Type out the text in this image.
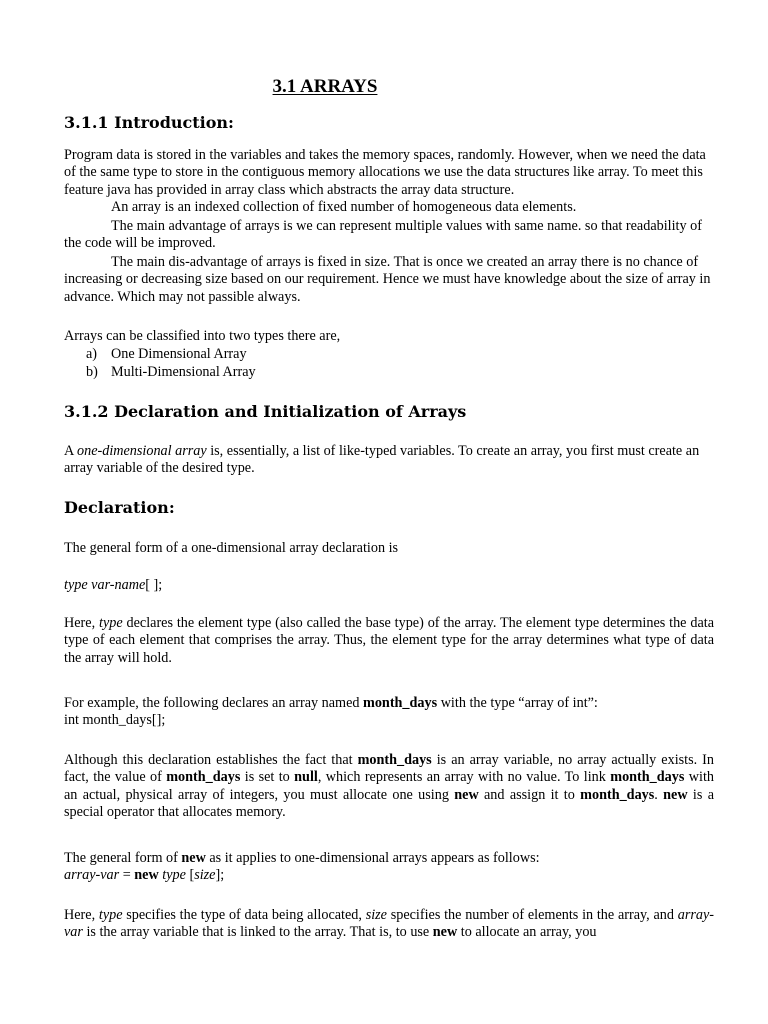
3.1 ARRAYS
3.1.1 Introduction:

Program data is stored in the variables and takes the memory spaces, randomly. However, when we need the data of the same type to store in the contiguous memory allocations we use the data structures like array. To meet this feature java has provided in array class which abstracts the array data structure.

An array is an indexed collection of fixed number of homogeneous data elements.

The main advantage of arrays is we can represent multiple values with same name. so that readability of the code will be improved.

The main dis-advantage of arrays is fixed in size. That is once we created an array there is no chance of increasing or decreasing size based on our requirement. Hence we must have knowledge about the size of array in advance. Which may not passible always.

Arrays can be classified into two types there are,

a) One Dimensional Array
b) Multi-Dimensional Array
3.1.2 Declaration and Initialization of Arrays

A one-dimensional array is, essentially, a list of like-typed variables. To create an array, you first must create an array variable of the desired type.

Declaration:

The general form of a one-dimensional array declaration is

type var-name[ ];

Here, type declares the element type (also called the base type) of the array. The element type determines the data type of each element that comprises the array. Thus, the element type for the array determines what type of data the array will hold.

For example, the following declares an array named month_days with the type “array of int”:
int month_days[];

Although this declaration establishes the fact that month_days is an array variable, no array actually exists. In fact, the value of month_days is set to null, which represents an array with no value. To link month_days with an actual, physical array of integers, you must allocate one using new and assign it to month_days. new is a special operator that allocates memory.

The general form of new as it applies to one-dimensional arrays appears as follows:
array-var = new type [size];

Here, type specifies the type of data being allocated, size specifies the number of elements in the array, and array-var is the array variable that is linked to the array. That is, to use new to allocate an array, you
